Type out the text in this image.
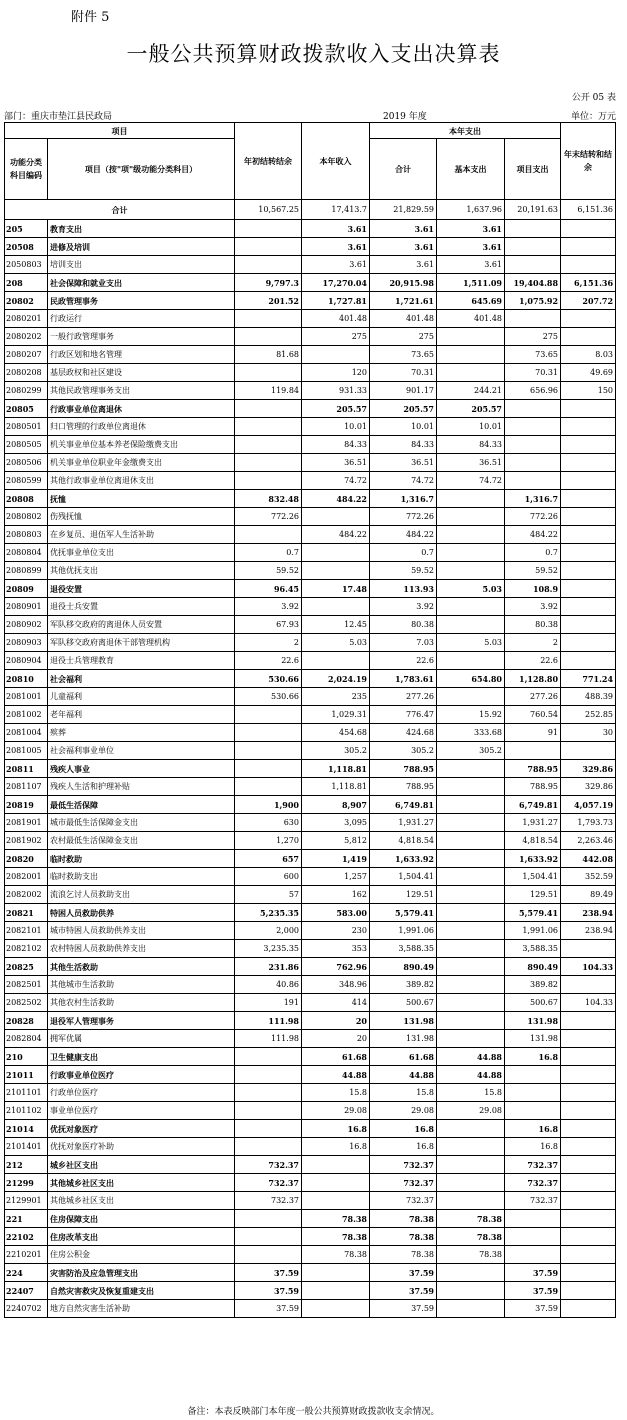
附件 5
一般公共预算财政拨款收入支出决算表
公开 05 表
部门：重庆市垫江县民政局	2019 年度	单位：万元
项目		年初结转结余	本年收入	本年支出			年末结转和结余
功能分类科目编码	项目（按"项"级功能分类科目）			合计	基本支出	项目支出	
合计		10,567.25	17,413.7	21,829.59	1,637.96	20,191.63	6,151.36
205	教育支出		3.61	3.61	3.61		
20508	进修及培训		3.61	3.61	3.61		
2050803	培训支出		3.61	3.61	3.61		
208	社会保障和就业支出	9,797.3	17,270.04	20,915.98	1,511.09	19,404.88	6,151.36
20802	民政管理事务	201.52	1,727.81	1,721.61	645.69	1,075.92	207.72
2080201	行政运行		401.48	401.48	401.48		
2080202	一般行政管理事务		275	275		275	
2080207	行政区划和地名管理	81.68		73.65		73.65	8.03
2080208	基层政权和社区建设		120	70.31		70.31	49.69
2080299	其他民政管理事务支出	119.84	931.33	901.17	244.21	656.96	150
20805	行政事业单位离退休		205.57	205.57	205.57		
2080501	归口管理的行政单位离退休		10.01	10.01	10.01		
2080505	机关事业单位基本养老保险缴费支出		84.33	84.33	84.33		
2080506	机关事业单位职业年金缴费支出		36.51	36.51	36.51		
2080599	其他行政事业单位离退休支出		74.72	74.72	74.72		
20808	抚恤	832.48	484.22	1,316.7		1,316.7	
2080802	伤残抚恤	772.26		772.26		772.26	
2080803	在乡复员、退伍军人生活补助		484.22	484.22		484.22	
2080804	优抚事业单位支出	0.7		0.7		0.7	
2080899	其他优抚支出	59.52		59.52		59.52	
20809	退役安置	96.45	17.48	113.93	5.03	108.9	
2080901	退役士兵安置	3.92		3.92		3.92	
2080902	军队移交政府的离退休人员安置	67.93	12.45	80.38		80.38	
2080903	军队移交政府离退休干部管理机构	2	5.03	7.03	5.03	2	
2080904	退役士兵管理教育	22.6		22.6		22.6	
20810	社会福利	530.66	2,024.19	1,783.61	654.80	1,128.80	771.24
2081001	儿童福利	530.66	235	277.26		277.26	488.39
2081002	老年福利		1,029.31	776.47	15.92	760.54	252.85
2081004	殡葬		454.68	424.68	333.68	91	30
2081005	社会福利事业单位		305.2	305.2	305.2		
20811	残疾人事业		1,118.81	788.95		788.95	329.86
2081107	残疾人生活和护理补贴		1,118.81	788.95		788.95	329.86
20819	最低生活保障	1,900	8,907	6,749.81		6,749.81	4,057.19
2081901	城市最低生活保障金支出	630	3,095	1,931.27		1,931.27	1,793.73
2081902	农村最低生活保障金支出	1,270	5,812	4,818.54		4,818.54	2,263.46
20820	临时救助	657	1,419	1,633.92		1,633.92	442.08
2082001	临时救助支出	600	1,257	1,504.41		1,504.41	352.59
2082002	流浪乞讨人员救助支出	57	162	129.51		129.51	89.49
20821	特困人员救助供养	5,235.35	583.00	5,579.41		5,579.41	238.94
2082101	城市特困人员救助供养支出	2,000	230	1,991.06		1,991.06	238.94
2082102	农村特困人员救助供养支出	3,235.35	353	3,588.35		3,588.35	
20825	其他生活救助	231.86	762.96	890.49		890.49	104.33
2082501	其他城市生活救助	40.86	348.96	389.82		389.82	
2082502	其他农村生活救助	191	414	500.67		500.67	104.33
20828	退役军人管理事务	111.98	20	131.98		131.98	
2082804	拥军优属	111.98	20	131.98		131.98	
210	卫生健康支出		61.68	61.68	44.88	16.8	
21011	行政事业单位医疗		44.88	44.88	44.88		
2101101	行政单位医疗		15.8	15.8	15.8		
2101102	事业单位医疗		29.08	29.08	29.08		
21014	优抚对象医疗		16.8	16.8		16.8	
2101401	优抚对象医疗补助		16.8	16.8		16.8	
212	城乡社区支出	732.37		732.37		732.37	
21299	其他城乡社区支出	732.37		732.37		732.37	
2129901	其他城乡社区支出	732.37		732.37		732.37	
221	住房保障支出		78.38	78.38	78.38		
22102	住房改革支出		78.38	78.38	78.38		
2210201	住房公积金		78.38	78.38	78.38		
224	灾害防治及应急管理支出	37.59		37.59		37.59	
22407	自然灾害救灾及恢复重建支出	37.59		37.59		37.59	
2240702	地方自然灾害生活补助	37.59		37.59		37.59	
备注：本表反映部门本年度一般公共预算财政拨款收支余情况。
